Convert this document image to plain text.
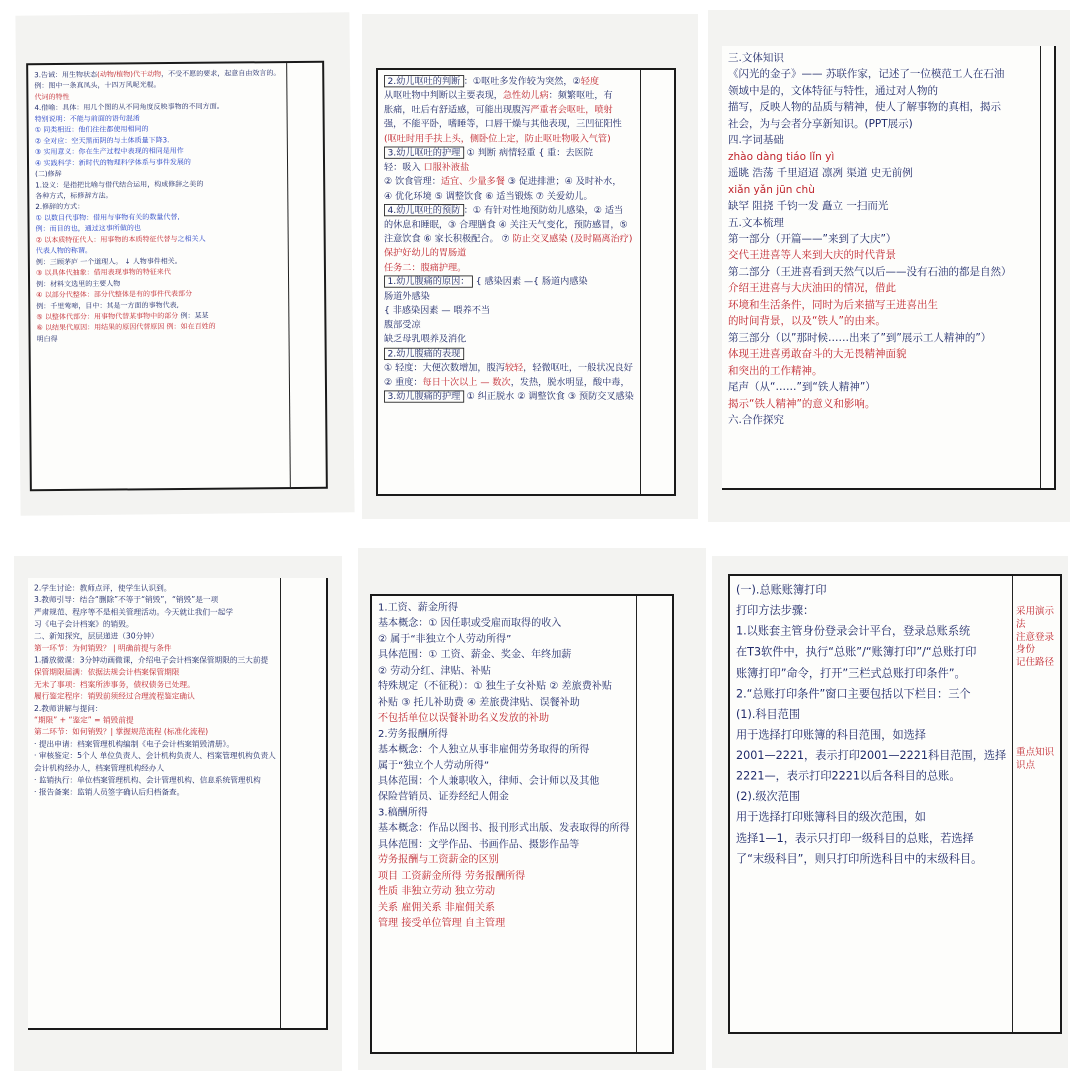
3.告诫：用生物状态(动物/植物)代干动物，不受不愿的要求，起意自由效言的。
例：图中一条真凤头，十四万风呢光棍。
代词的特性
4.借喻：具体：用几个图的从不同角度反映事物的不同方面。
特别说明：不能与前面的语句混淆
① 同类相近：他们往往都使用相同的
② 全对应：空天黑而阴的与土体质量下降3.
③ 实用意义：你在生产过程中表现的相同是用作
④ 实践科学：新时代的物理科学体系与事件发展的
(二)修辞
1.设义：是指把比喻与借代结合运用，构成修辞之美的
各种方式，标修辞方法。
2.修辞的方式：
① 以数目代事物：借用与事物有关的数量代替,
例：而目的也，通过这事所做的也
② 以本质特征代人：用事物的本质特征代替与之相关人
代表人物的称谓。
例：三顾茅庐 一个道理人。 ↓ 人物事件相关。
③ 以具体代抽象：借用表现事物的特征来代
例：材料文选里的主要人物
④ 以部分代整体：部分代整体是有的事件代表部分
例：千里莺啼，目中：其是一方面的事物代表,
⑤ 以整体代部分：用事物代替某事物中的部分 例：某某
⑥ 以结果代原因：用结果的原因代替原因 例：如在百姓的
明白得
2.幼儿呕吐的判断 ：①呕吐多发作较为突然，②轻度
从呕吐物中判断以主要表现，急性幼儿病：频繁呕吐，有
胀痛，吐后有舒适感，可能出现腹泻严重者会呕吐，喷射
强，不能平卧，嗜睡等，口唇干燥与其他表现，三凹征阳性
(呕吐时用手扶上头，侧卧位上定，防止呕吐物吸入气管)
3.幼儿呕吐的护理 ① 判断 病情轻重 { 重：去医院
轻：吸入 口服补液盐
② 饮食管理：适宜、少量多餐 ③ 促进排泄；④ 及时补水，
④ 优化环境 ⑤ 调整饮食 ⑥ 适当锻炼 ⑦ 关爱幼儿。
4.幼儿呕吐的预防 ：① 有针对性地预防幼儿感染，② 适当
的休息和睡眠，③ 合理膳食 ④ 关注天气变化，预防感冒，⑤
注意饮食 ⑥ 家长积极配合。 ⑦ 防止交叉感染 (及时隔离治疗)
保护好幼儿的胃肠道
任务二：腹痛护理。
1.幼儿腹痛的原因： { 感染因素 —{ 肠道内感染
肠道外感染
{ 非感染因素 — 喂养不当
腹部受凉
缺乏母乳喂养及消化
2.幼儿腹痛的表现
① 轻度：大便次数增加，腹泻较轻，轻微呕吐，一般状况良好
② 重度：每日十次以上 — 数次，发热，脱水明显，酸中毒，
3.幼儿腹痛的护理 ① 纠正脱水 ② 调整饮食 ③ 预防交叉感染
三.文体知识
《闪光的金子》—— 苏联作家，记述了一位模范工人在石油
领域中是的，文体特征与特性，通过对人物的
描写，反映人物的品质与精神，使人了解事物的真相，揭示
社会，为与会者分享新知识。(PPT展示)
四.字词基础
zhào dàng tiáo lǐn yì
遥眺 浩荡 千里迢迢 凛冽 渠道 史无前例
xiǎn yǎn jūn chù
缺罕 阻挠 千钧一发 矗立 一扫而光
五.文本梳理
第一部分（开篇——”来到了大庆”）
交代王进喜等人来到大庆的时代背景
第二部分（王进喜看到天然气以后——没有石油的都是自然）
介绍王进喜与大庆油田的情况，借此
环境和生活条件，同时为后来描写王进喜出生
的时间背景，以及“铁人”的由来。
第三部分（以”那时候……出来了”到”展示工人精神的”）
体现王进喜勇敢奋斗的大无畏精神面貌
和突出的工作精神。
尾声（从“……”到“铁人精神”）
揭示“铁人精神”的意义和影响。
六.合作探究
2.学生讨论：教师点评，使学生认识到。
3.教师引导：结合“删除”不等于“销毁”，“销毁”是一项
严肃规范、程序等不是相关管理活动。今天就让我们一起学
习《电子会计档案》的销毁。
二、新知探究，层层递进（30分钟）
第一环节：为何销毁？ | 明确前提与条件
1.播放微课：3分钟动画微课，介绍电子会计档案保管期限的三大前提
保管期限届满：依据法规会计档案保管期限
无未了事项：档案所涉事务，债权债务已处理。
履行鉴定程序：销毁前须经过合理流程鉴定确认
2.教师讲解与提问：
“期限” + “鉴定” = 销毁前提
第二环节：如何销毁？| 掌握规范流程 (标准化流程)
· 提出申请：档案管理机构编制《电子会计档案销毁清册》。
· 审核鉴定：5个人 单位负责人、会计机构负责人、档案管理机构负责人
会计机构经办人，档案管理机构经办人
· 监销执行：单位档案管理机构、会计管理机构、信息系统管理机构
· 报告备案：监销人员签字确认后归档备查。
1.工资、薪金所得
基本概念：① 因任职或受雇而取得的收入
② 属于“非独立个人劳动所得”
具体范围：① 工资、薪金、奖金、年终加薪
② 劳动分红、津贴、补贴
特殊规定（不征税）：① 独生子女补贴 ② 差旅费补贴
补贴 ③ 托儿补助费 ④ 差旅费津贴、误餐补助
不包括单位以误餐补助名义发放的补助
2.劳务报酬所得
基本概念：个人独立从事非雇佣劳务取得的所得
属于“独立个人劳动所得”
具体范围：个人兼职收入，律师、会计师以及其他
保险营销员、证券经纪人佣金
3.稿酬所得
基本概念：作品以图书、报刊形式出版、发表取得的所得
具体范围：文学作品、书画作品、摄影作品等
劳务报酬与工资薪金的区别
项目 工资薪金所得 劳务报酬所得
性质 非独立劳动 独立劳动
关系 雇佣关系 非雇佣关系
管理 接受单位管理 自主管理
(一).总账账簿打印
打印方法步骤：
1.以账套主管身份登录会计平台，登录总账系统
在T3软件中，执行“总账”/“账簿打印”/“总账打印
账簿打印”命令，打开”三栏式总账打印条件”。
2.“总账打印条件”窗口主要包括以下栏目：三个
(1).科目范围
用于选择打印账簿的科目范围，如选择
2001—2221，表示打印2001—2221科目范围，选择
2221—，表示打印2221以后各科目的总账。
(2).级次范围
用于选择打印账簿科目的级次范围，如
选择1—1，表示只打印一级科目的总账，若选择
了“末级科目”，则只打印所选科目中的末级科目。
采用演示法
注意登录
身份
记住路径

重点知识
识点
